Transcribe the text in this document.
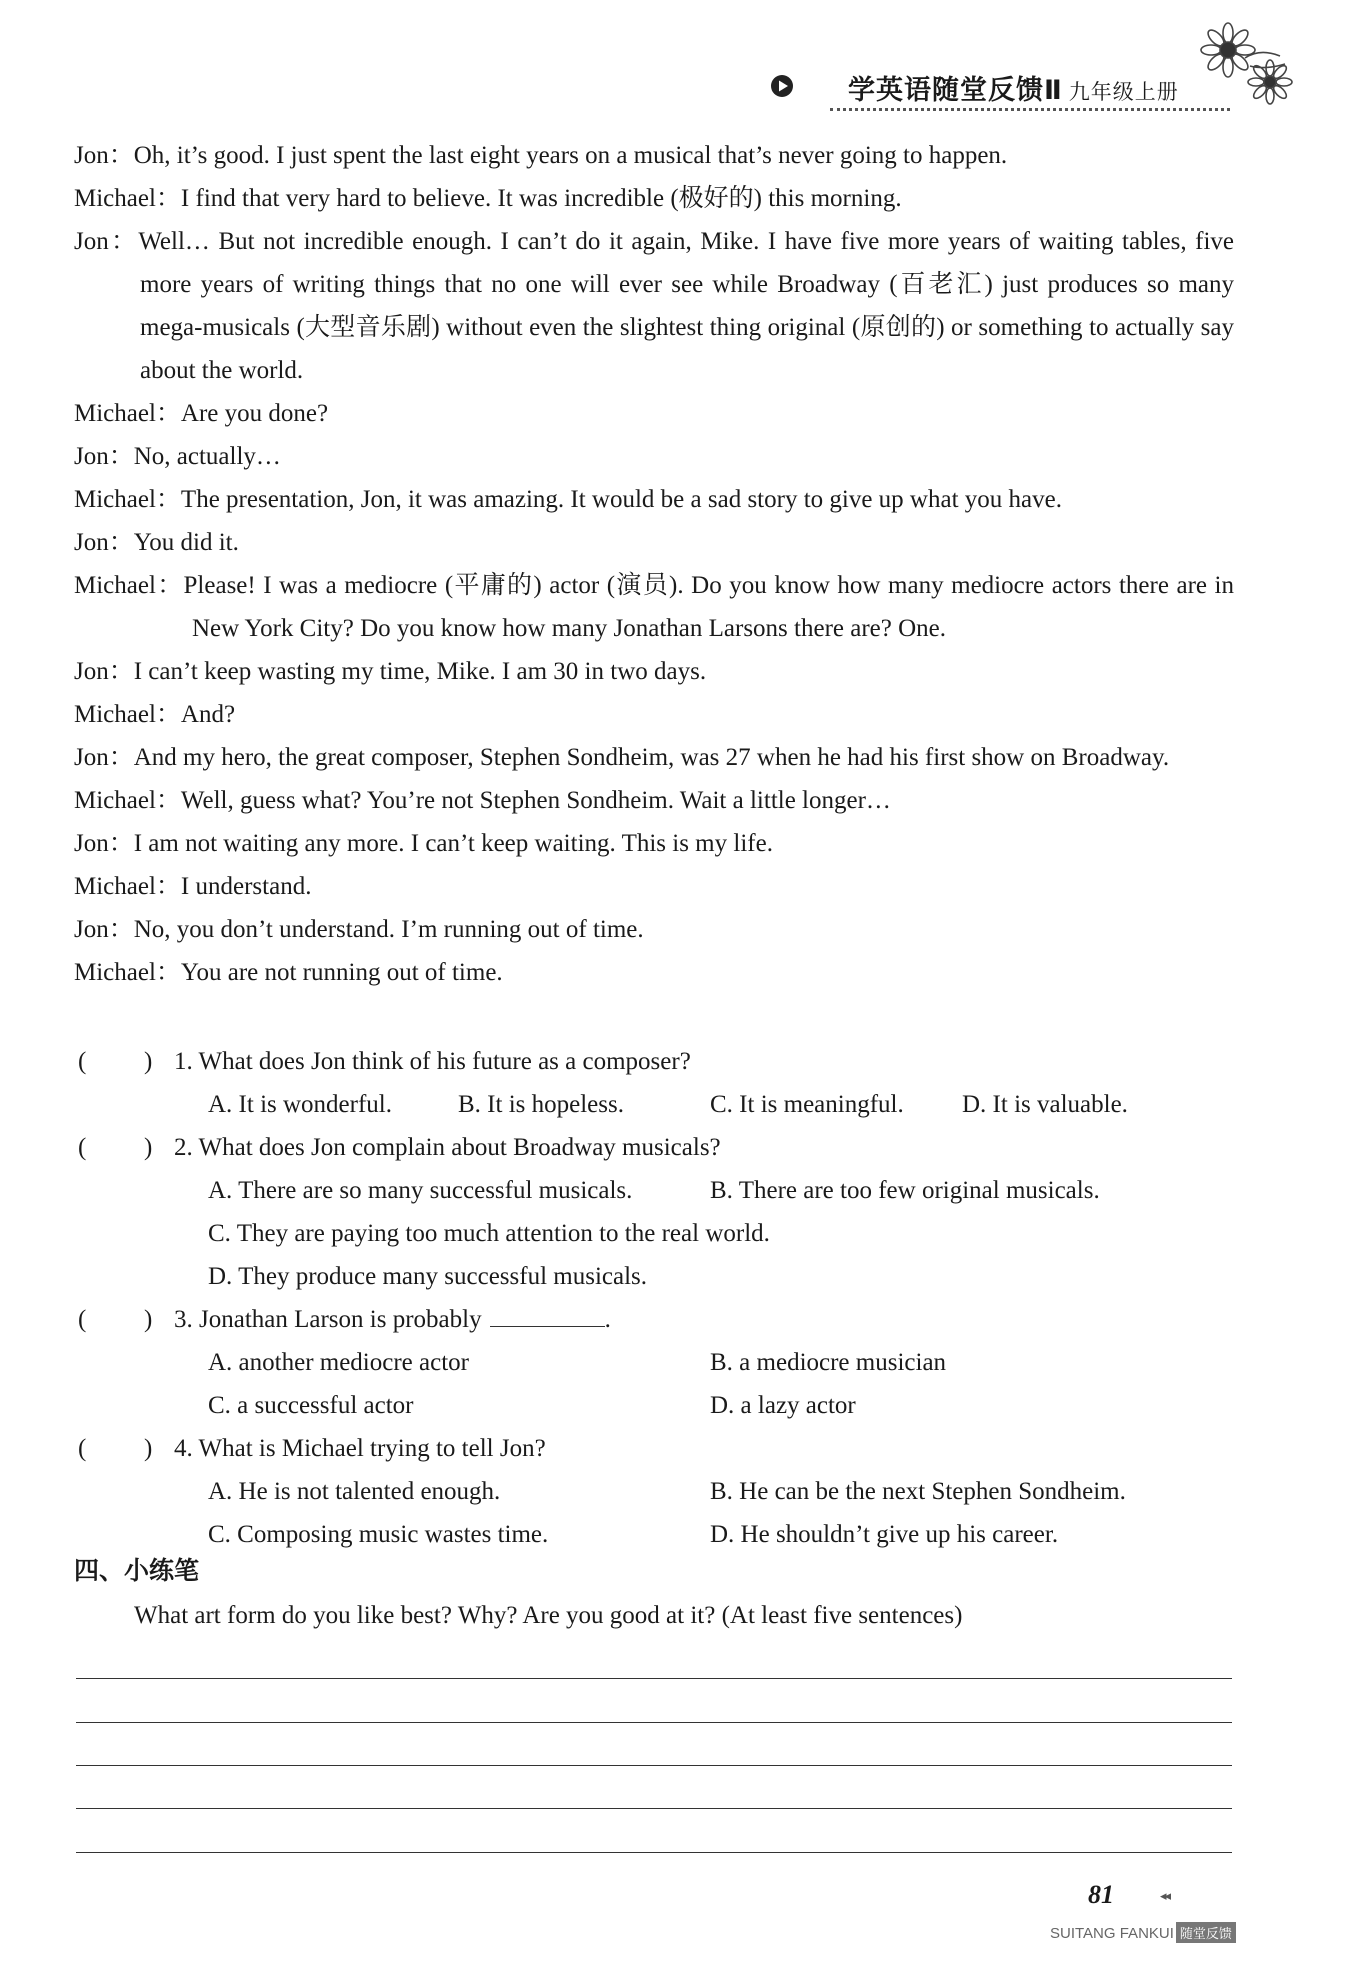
学英语随堂反馈Ⅱ 九年级上册
Jon：Oh, it’s good. I just spent the last eight years on a musical that’s never going to happen.
Michael：I find that very hard to believe. It was incredible (极好的) this morning.
Jon：Well… But not incredible enough. I can’t do it again, Mike. I have five more years of waiting tables, five more years of writing things that no one will ever see while Broadway (百老汇) just produces so many mega-musicals (大型音乐剧) without even the slightest thing original (原创的) or something to actually say about the world.
Michael：Are you done?
Jon：No, actually…
Michael：The presentation, Jon, it was amazing. It would be a sad story to give up what you have.
Jon：You did it.
Michael：Please! I was a mediocre (平庸的) actor (演员). Do you know how many mediocre actors there are in New York City? Do you know how many Jonathan Larsons there are? One.
Jon：I can’t keep wasting my time, Mike. I am 30 in two days.
Michael：And?
Jon：And my hero, the great composer, Stephen Sondheim, was 27 when he had his first show on Broadway.
Michael：Well, guess what? You’re not Stephen Sondheim. Wait a little longer…
Jon：I am not waiting any more. I can’t keep waiting. This is my life.
Michael：I understand.
Jon：No, you don’t understand. I’m running out of time.
Michael：You are not running out of time.
( ) 1. What does Jon think of his future as a composer?
A. It is wonderful.	B. It is hopeless.	C. It is meaningful. D. It is valuable.
( ) 2. What does Jon complain about Broadway musicals?
A. There are so many successful musicals.	B. There are too few original musicals.
C. They are paying too much attention to the real world.
D. They produce many successful musicals.
( ) 3. Jonathan Larson is probably	.
A. another mediocre actor	B. a mediocre musician
C. a successful actor	D. a lazy actor
( ) 4. What is Michael trying to tell Jon?
A. He is not talented enough.	B. He can be the next Stephen Sondheim.
C. Composing music wastes time.	D. He shouldn’t give up his career.
四、小练笔
What art form do you like best? Why? Are you good at it? (At least five sentences)
81	◂◂
SUITANG FANKUI 随堂反馈
